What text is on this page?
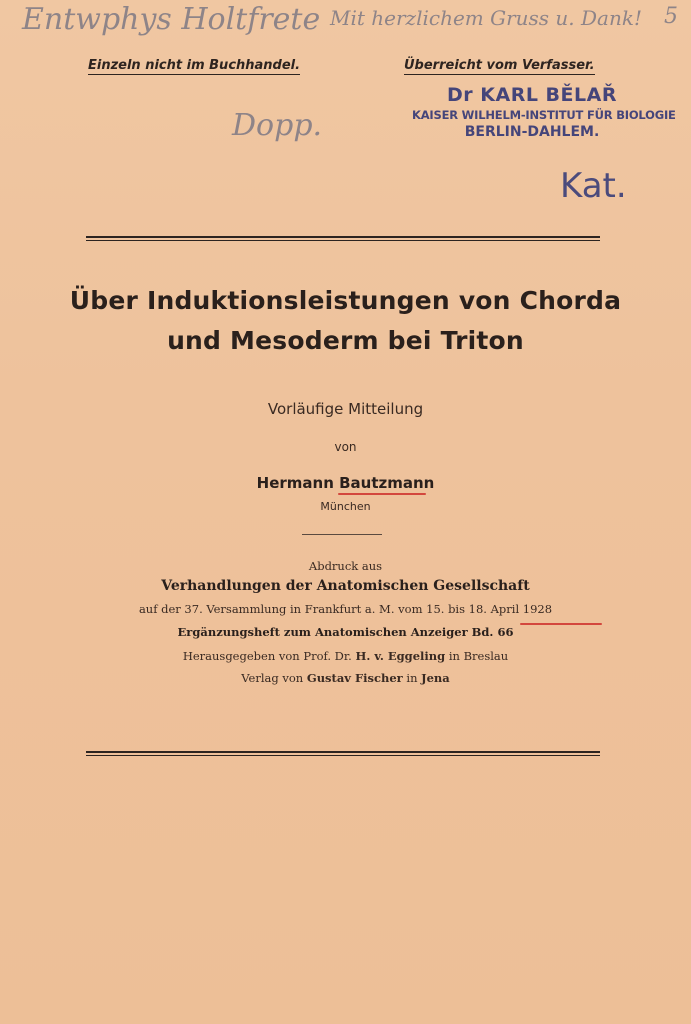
Entwphys Holtfrete Mit herzlichem Gruss u. Dank! 5
Dopp.
Einzeln nicht im Buchhandel.	Überreicht vom Verfasser.
Dr KARL BĚLAŘ
KAISER WILHELM-INSTITUT FÜR BIOLOGIE
BERLIN-DAHLEM.
Kat.
Über Induktionsleistungen von Chorda
und Mesoderm bei Triton
Vorläufige Mitteilung
von
Hermann Bautzmann
München
Abdruck aus
Verhandlungen der Anatomischen Gesellschaft
auf der 37. Versammlung in Frankfurt a. M. vom 15. bis 18. April 1928
Ergänzungsheft zum Anatomischen Anzeiger Bd. 66
Herausgegeben von Prof. Dr. H. v. Eggeling in Breslau
Verlag von Gustav Fischer in Jena
